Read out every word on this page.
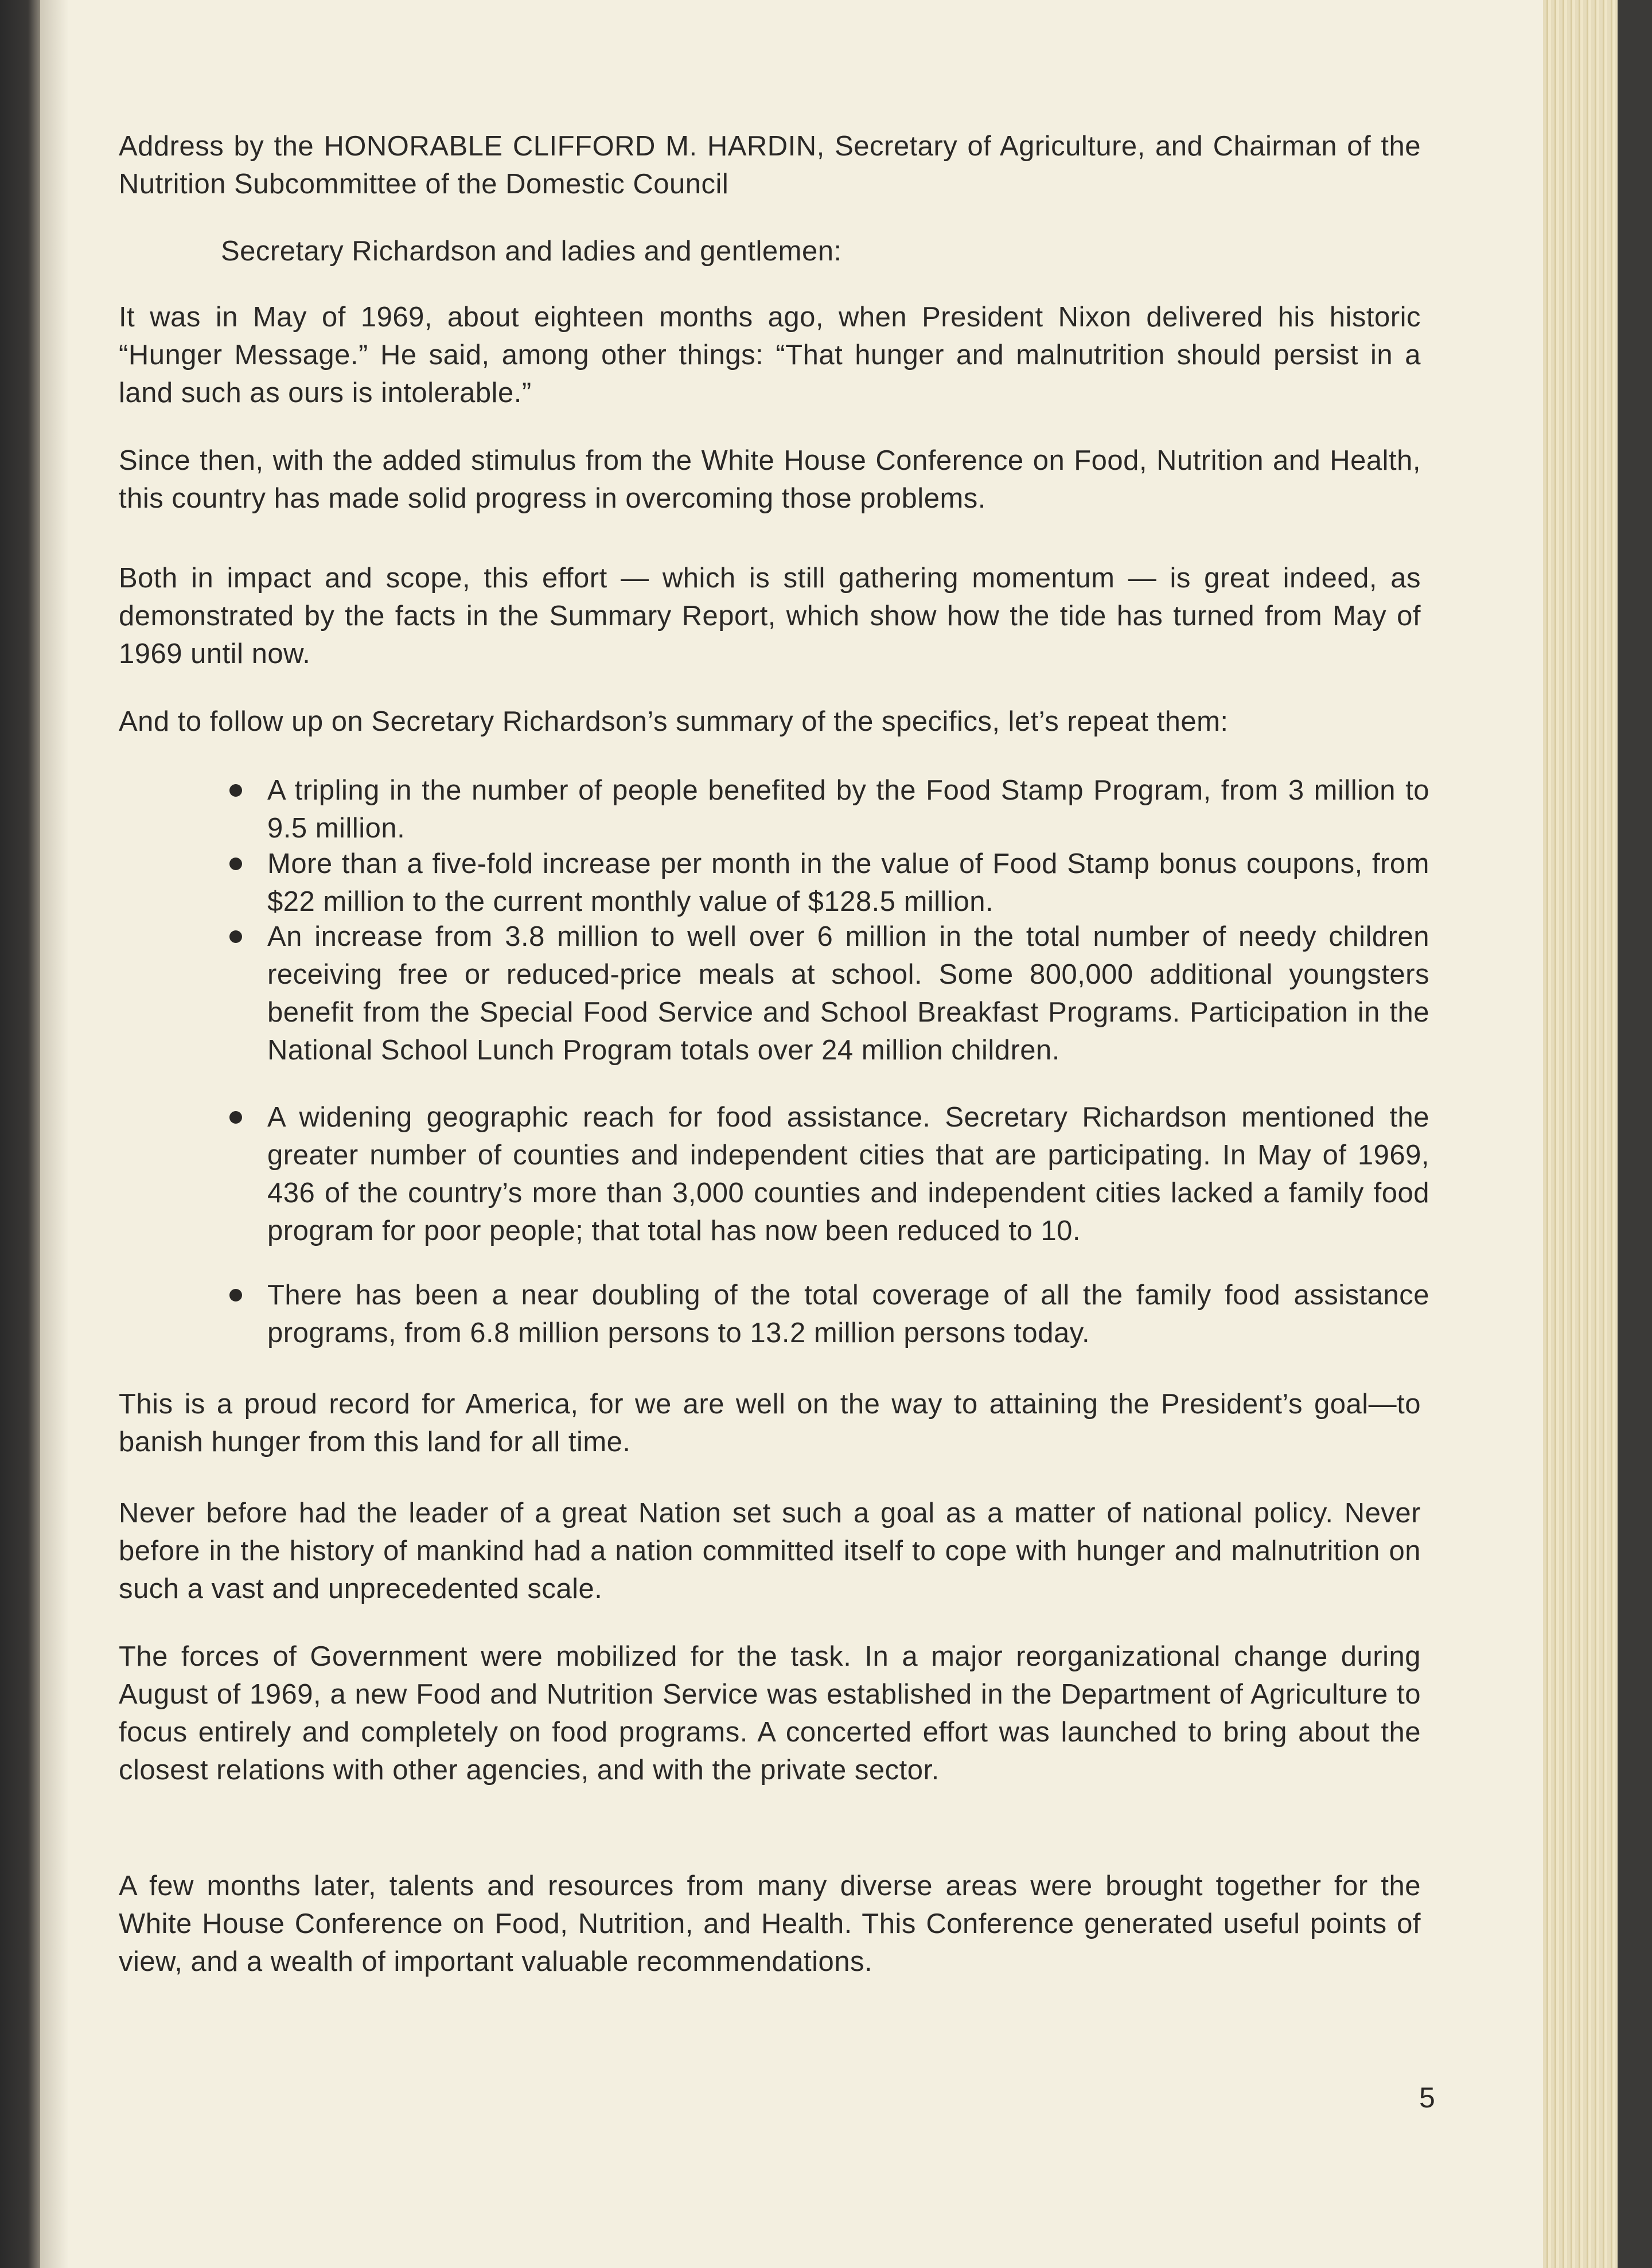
Address by the HONORABLE CLIFFORD M. HARDIN, Secretary of Agriculture, and Chairman of the Nutrition Subcommittee of the Domestic Council
Secretary Richardson and ladies and gentlemen:
It was in May of 1969, about eighteen months ago, when President Nixon delivered his historic “Hunger Message.” He said, among other things: “That hunger and malnutrition should persist in a land such as ours is intolerable.”
Since then, with the added stimulus from the White House Conference on Food, Nutrition and Health, this country has made solid progress in overcoming those problems.
Both in impact and scope, this effort — which is still gathering momentum — is great indeed, as demonstrated by the facts in the Summary Report, which show how the tide has turned from May of 1969 until now.
And to follow up on Secretary Richardson’s summary of the specifics, let’s repeat them:
A tripling in the number of people benefited by the Food Stamp Program, from 3 million to 9.5 million.
More than a five-fold increase per month in the value of Food Stamp bonus coupons, from $22 million to the current monthly value of $128.5 million.
An increase from 3.8 million to well over 6 million in the total number of needy children receiving free or reduced-price meals at school. Some 800,000 additional youngsters benefit from the Special Food Service and School Breakfast Programs. Participation in the National School Lunch Program totals over 24 million children.
A widening geographic reach for food assistance. Secretary Richardson mentioned the greater number of counties and independent cities that are participating. In May of 1969, 436 of the country’s more than 3,000 counties and independent cities lacked a family food program for poor people; that total has now been reduced to 10.
There has been a near doubling of the total coverage of all the family food assistance programs, from 6.8 million persons to 13.2 million persons today.
This is a proud record for America, for we are well on the way to attaining the President’s goal—to banish hunger from this land for all time.
Never before had the leader of a great Nation set such a goal as a matter of national policy. Never before in the history of mankind had a nation committed itself to cope with hunger and malnutrition on such a vast and unprecedented scale.
The forces of Government were mobilized for the task. In a major reorganizational change during August of 1969, a new Food and Nutrition Service was established in the Department of Agriculture to focus entirely and completely on food programs. A concerted effort was launched to bring about the closest relations with other agencies, and with the private sector.
A few months later, talents and resources from many diverse areas were brought together for the White House Conference on Food, Nutrition, and Health. This Conference generated useful points of view, and a wealth of important valuable recommendations.
5
